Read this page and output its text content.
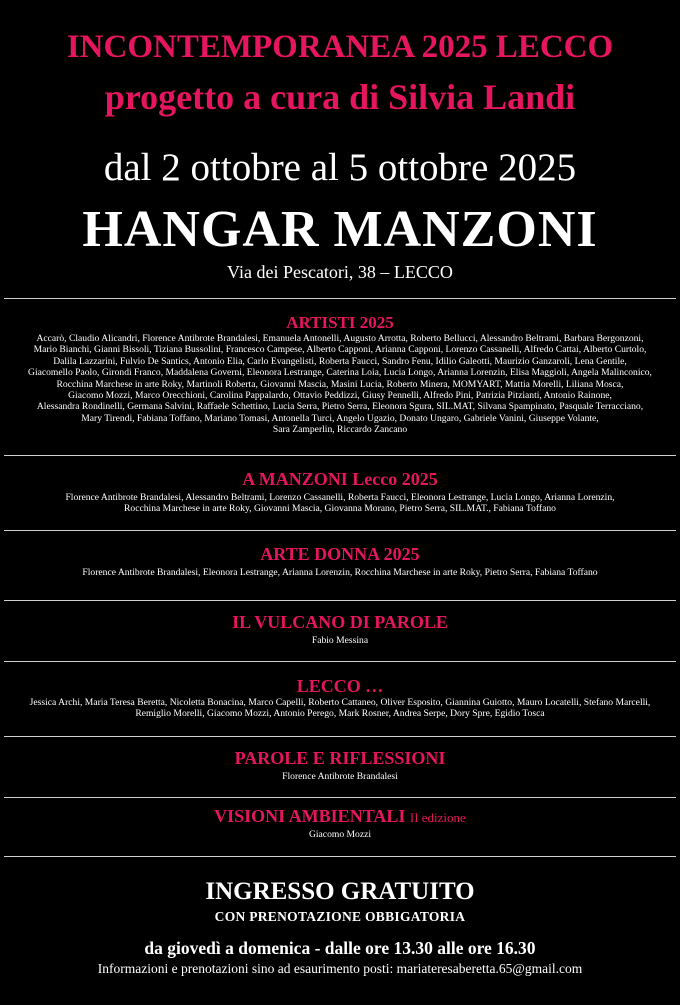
INCONTEMPORANEA 2025 LECCO
progetto a cura di Silvia Landi
dal 2 ottobre al 5 ottobre 2025
HANGAR MANZONI
Via dei Pescatori, 38 – LECCO
ARTISTI 2025
Accarò, Claudio Alicandri, Florence Antibrote Brandalesi, Emanuela Antonelli, Augusto Arrotta, Roberto Bellucci, Alessandro Beltrami, Barbara Bergonzoni,
Mario Bianchi, Gianni Bissoli, Tiziana Bussolini, Francesco Campese, Alberto Capponi, Arianna Capponi, Lorenzo Cassanelli, Alfredo Cattai, Alberto Curtolo,
Dalila Lazzarini, Fulvio De Santics, Antonio Elia, Carlo Evangelisti, Roberta Faucci, Sandro Fenu, Idilio Galeotti, Maurizio Ganzaroli, Lena Gentile,
Giacomello Paolo, Girondi Franco, Maddalena Governi, Eleonora Lestrange, Caterina Loia, Lucia Longo, Arianna Lorenzin, Elisa Maggioli, Angela Malinconico,
Rocchina Marchese in arte Roky, Martinoli Roberta, Giovanni Mascia, Masini Lucia, Roberto Minera, MOMYART, Mattia Morelli, Liliana Mosca,
Giacomo Mozzi, Marco Orecchioni, Carolina Pappalardo, Ottavio Peddizzi, Giusy Pennelli, Alfredo Pini, Patrizia Pitzianti, Antonio Rainone,
Alessandra Rondinelli, Germana Salvini, Raffaele Schettino, Lucia Serra, Pietro Serra, Eleonora Sgura, SIL.MAT, Silvana Spampinato, Pasquale Terracciano,
Mary Tirendi, Fabiana Toffano, Mariano Tomasi, Antonella Turci, Angelo Ugazio, Donato Ungaro, Gabriele Vanini, Giuseppe Volante,
Sara Zamperlin, Riccardo Zancano
A MANZONI Lecco 2025
Florence Antibrote Brandalesi, Alessandro Beltrami, Lorenzo Cassanelli, Roberta Faucci, Eleonora Lestrange, Lucia Longo, Arianna Lorenzin,
Rocchina Marchese in arte Roky, Giovanni Mascia, Giovanna Morano, Pietro Serra, SIL.MAT., Fabiana Toffano
ARTE DONNA 2025
Florence Antibrote Brandalesi, Eleonora Lestrange, Arianna Lorenzin, Rocchina Marchese in arte Roky, Pietro Serra, Fabiana Toffano
IL VULCANO DI PAROLE
Fabio Messina
LECCO …
Jessica Archi, Maria Teresa Beretta, Nicoletta Bonacina, Marco Capelli, Roberto Cattaneo, Oliver Esposito, Giannina Guiotto, Mauro Locatelli, Stefano Marcelli,
Remiglio Morelli, Giacomo Mozzi, Antonio Perego, Mark Rosner, Andrea Serpe, Dory Spre, Egidio Tosca
PAROLE E RIFLESSIONI
Florence Antibrote Brandalesi
VISIONI AMBIENTALI II edizione
Giacomo Mozzi
INGRESSO GRATUITO
CON PRENOTAZIONE OBBIGATORIA
da giovedì a domenica - dalle ore 13.30 alle ore 16.30
Informazioni e prenotazioni sino ad esaurimento posti: mariateresaberetta.65@gmail.com
